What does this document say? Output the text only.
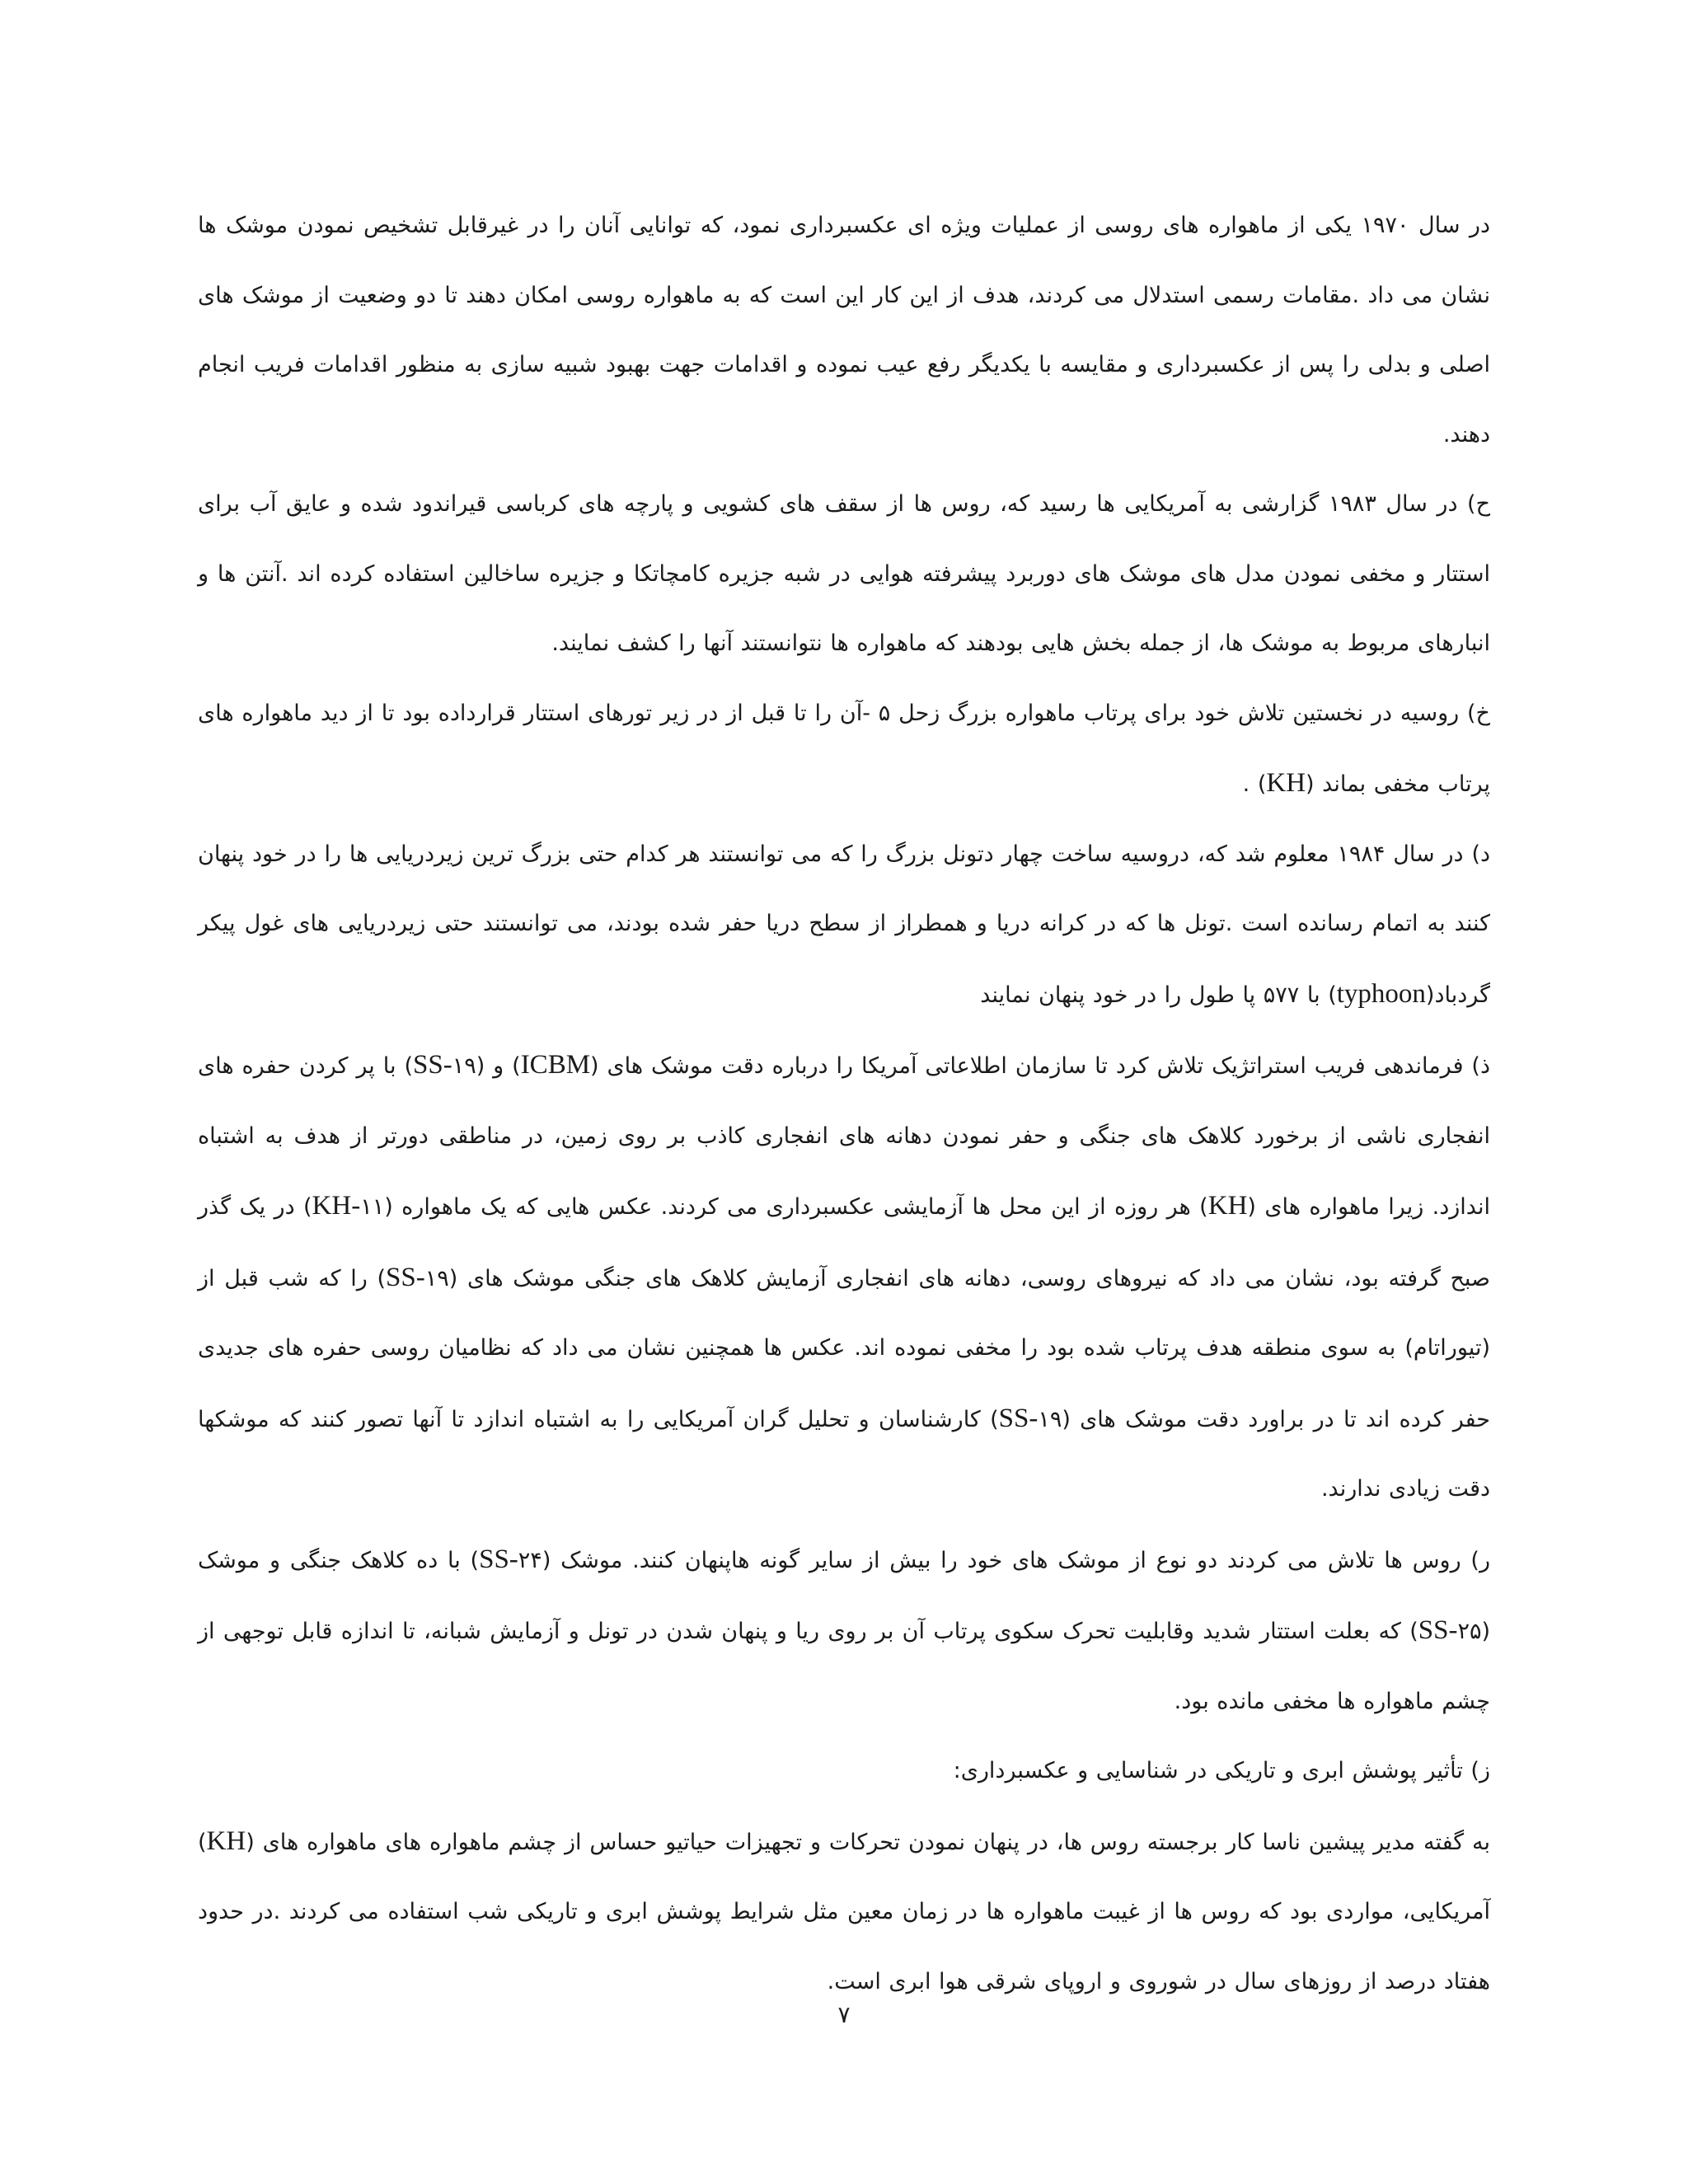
در سال ۱۹۷۰ یکی از ماهواره های روسی از عملیات ویژه ای عکسبرداری نمود، که توانایی آنان را در غیرقابل تشخیص نمودن موشک ها نشان می داد .مقامات رسمی استدلال می کردند، هدف از این کار این است که به ماهواره روسی امکان دهند تا دو وضعیت از موشک های اصلی و بدلی را پس از عکسبرداری و مقایسه با یکدیگر رفع عیب نموده و اقدامات جهت بهبود شبیه سازی به منظور اقدامات فریب انجام دهند.

ح) در سال ۱۹۸۳ گزارشی به آمریکایی ها رسید که، روس ها از سقف های کشویی و پارچه های کرباسی قیراندود شده و عایق آب برای استتار و مخفی نمودن مدل های موشک های دوربرد پیشرفته هوایی در شبه جزیره کامچاتکا و جزیره ساخالین استفاده کرده اند .آنتن ها و انبارهای مربوط به موشک ها، از جمله بخش هایی بودهند که ماهواره ها نتوانستند آنها را کشف نمایند.

خ) روسیه در نخستین تلاش خود برای پرتاب ماهواره بزرگ زحل ۵ -آن را تا قبل از در زیر تورهای استتار قرارداده بود تا از دید ماهواره های پرتاب مخفی بماند (KH) .

د) در سال ۱۹۸۴ معلوم شد که، دروسیه ساخت چهار دتونل بزرگ را که می توانستند هر کدام حتی بزرگ ترین زیردریایی ها را در خود پنهان کنند به اتمام رسانده است .تونل ها که در کرانه دریا و همطراز از سطح دریا حفر شده بودند، می توانستند حتی زیردریایی های غول پیکر گردباد(typhoon) با ۵۷۷ پا طول را در خود پنهان نمایند

ذ) فرماندهی فریب استراتژیک تلاش کرد تا سازمان اطلاعاتی آمریکا را درباره دقت موشک های (ICBM) و (SS-۱۹) با پر کردن حفره های انفجاری ناشی از برخورد کلاهک های جنگی و حفر نمودن دهانه های انفجاری کاذب بر روی زمین، در مناطقی دورتر از هدف به اشتباه اندازد. زیرا ماهواره های (KH) هر روزه از این محل ها آزمایشی عکسبرداری می کردند. عکس هایی که یک ماهواره (KH-۱۱) در یک گذر صبح گرفته بود، نشان می داد که نیروهای روسی، دهانه های انفجاری آزمایش کلاهک های جنگی موشک های (SS-۱۹) را که شب قبل از (تیوراتام) به سوی منطقه هدف پرتاب شده بود را مخفی نموده اند. عکس ها همچنین نشان می داد که نظامیان روسی حفره های جدیدی حفر کرده اند تا در براورد دقت موشک های (SS-۱۹) کارشناسان و تحلیل گران آمریکایی را به اشتباه اندازد تا آنها تصور کنند که موشکها دقت زیادی ندارند.

ر) روس ها تلاش می کردند دو نوع از موشک های خود را بیش از سایر گونه هاپنهان کنند. موشک (SS-۲۴) با ده کلاهک جنگی و موشک (SS-۲۵) که بعلت استتار شدید وقابلیت تحرک سکوی پرتاب آن بر روی ریا و پنهان شدن در تونل و آزمایش شبانه، تا اندازه قابل توجهی از چشم ماهواره ها مخفی مانده بود.

ز) تأثیر پوشش ابری و تاریکی در شناسایی و عکسبرداری:

به گفته مدیر پیشین ناسا کار برجسته روس ها، در پنهان نمودن تحرکات و تجهیزات حیاتیو حساس از چشم ماهواره های ماهواره های (KH) آمریکایی، مواردی بود که روس ها از غیبت ماهواره ها در زمان معین مثل شرایط پوشش ابری و تاریکی شب استفاده می کردند .در حدود هفتاد درصد از روزهای سال در شوروی و اروپای شرقی هوا ابری است.

۷
